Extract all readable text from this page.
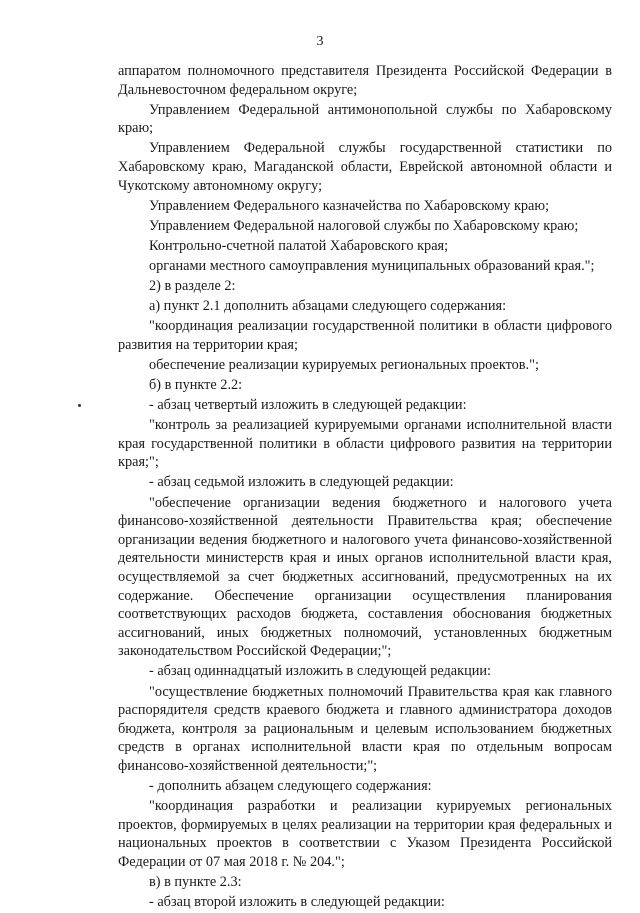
3

аппаратом полномочного представителя Президента Российской Федерации в Дальневосточном федеральном округе;

Управлением Федеральной антимонопольной службы по Хабаровскому краю;

Управлением Федеральной службы государственной статистики по Хабаровскому краю, Магаданской области, Еврейской автономной области и Чукотскому автономному округу;

Управлением Федерального казначейства по Хабаровскому краю;

Управлением Федеральной налоговой службы по Хабаровскому краю;

Контрольно-счетной палатой Хабаровского края;

органами местного самоуправления муниципальных образований края.";

2) в разделе 2:

а) пункт 2.1 дополнить абзацами следующего содержания:

"координация реализации государственной политики в области цифрового развития на территории края;

обеспечение реализации курируемых региональных проектов.";

б) в пункте 2.2:

- абзац четвертый изложить в следующей редакции:

"контроль за реализацией курируемыми органами исполнительной власти края государственной политики в области цифрового развития на территории края;";

- абзац седьмой изложить в следующей редакции:

"обеспечение организации ведения бюджетного и налогового учета финансово-хозяйственной деятельности Правительства края; обеспечение организации ведения бюджетного и налогового учета финансово-хозяйственной деятельности министерств края и иных органов исполнительной власти края, осуществляемой за счет бюджетных ассигнований, предусмотренных на их содержание. Обеспечение организации осуществления планирования соответствующих расходов бюджета, составления обоснования бюджетных ассигнований, иных бюджетных полномочий, установленных бюджетным законодательством Российской Федерации;";

- абзац одиннадцатый изложить в следующей редакции:

"осуществление бюджетных полномочий Правительства края как главного распорядителя средств краевого бюджета и главного администратора доходов бюджета, контроля за рациональным и целевым использованием бюджетных средств в органах исполнительной власти края по отдельным вопросам финансово-хозяйственной деятельности;";

- дополнить абзацем следующего содержания:

"координация разработки и реализации курируемых региональных проектов, формируемых в целях реализации на территории края федеральных и национальных проектов в соответствии с Указом Президента Российской Федерации от 07 мая 2018 г. № 204.";

в) в пункте 2.3:

- абзац второй изложить в следующей редакции:
